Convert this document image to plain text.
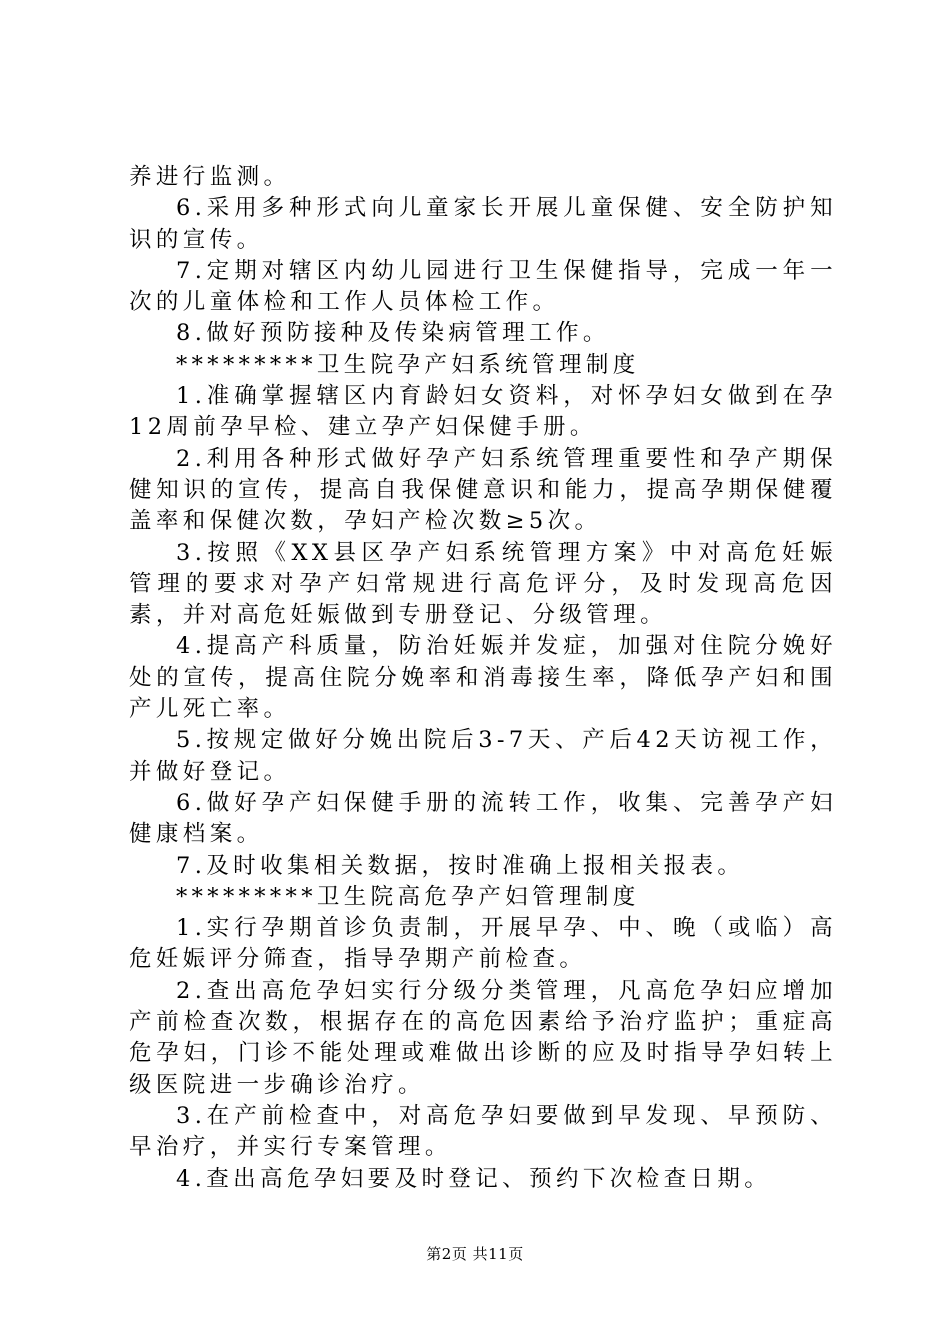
养进行监测。

6.采用多种形式向儿童家长开展儿童保健、安全防护知识的宣传。

7.定期对辖区内幼儿园进行卫生保健指导，完成一年一次的儿童体检和工作人员体检工作。

8.做好预防接种及传染病管理工作。

*********卫生院孕产妇系统管理制度

1.准确掌握辖区内育龄妇女资料，对怀孕妇女做到在孕12周前孕早检、建立孕产妇保健手册。

2.利用各种形式做好孕产妇系统管理重要性和孕产期保健知识的宣传，提高自我保健意识和能力，提高孕期保健覆盖率和保健次数，孕妇产检次数≥5次。

3.按照《XX县区孕产妇系统管理方案》中对高危妊娠管理的要求对孕产妇常规进行高危评分，及时发现高危因素，并对高危妊娠做到专册登记、分级管理。

4.提高产科质量，防治妊娠并发症，加强对住院分娩好处的宣传，提高住院分娩率和消毒接生率，降低孕产妇和围产儿死亡率。

5.按规定做好分娩出院后3-7天、产后42天访视工作，并做好登记。

6.做好孕产妇保健手册的流转工作，收集、完善孕产妇健康档案。

7.及时收集相关数据，按时准确上报相关报表。

*********卫生院高危孕产妇管理制度

1.实行孕期首诊负责制，开展早孕、中、晚（或临）高危妊娠评分筛查，指导孕期产前检查。

2.查出高危孕妇实行分级分类管理，凡高危孕妇应增加产前检查次数，根据存在的高危因素给予治疗监护；重症高危孕妇，门诊不能处理或难做出诊断的应及时指导孕妇转上级医院进一步确诊治疗。

3.在产前检查中，对高危孕妇要做到早发现、早预防、早治疗，并实行专案管理。

4.查出高危孕妇要及时登记、预约下次检查日期。

第2页 共11页
